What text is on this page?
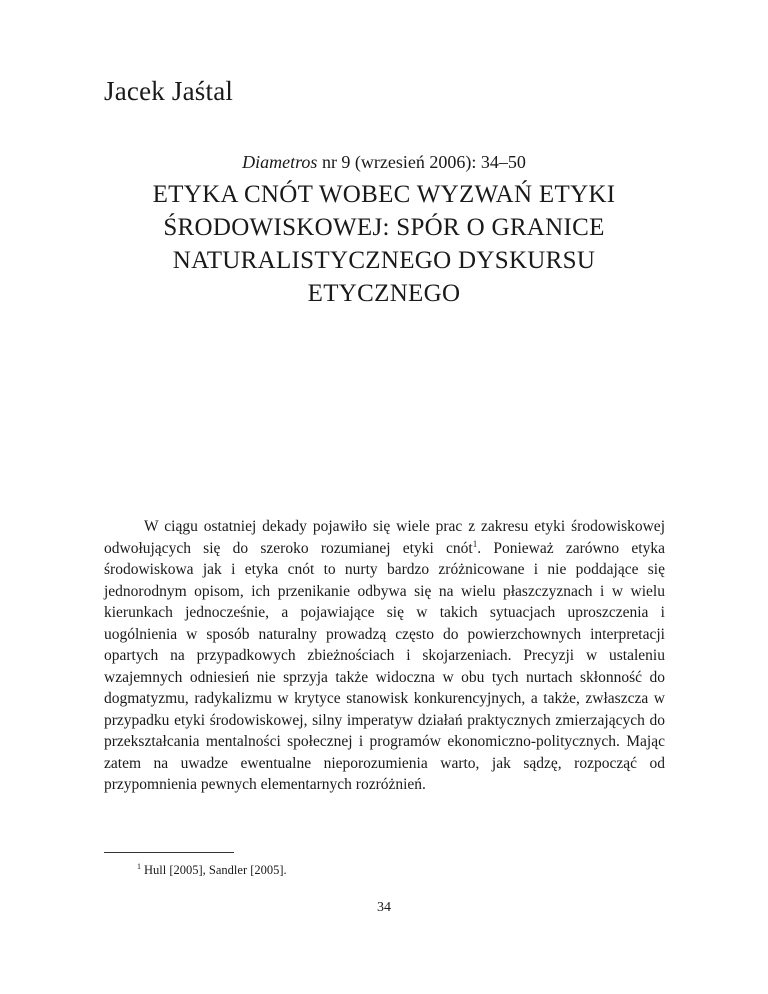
Jacek Jaśtal
Diametros nr 9 (wrzesień 2006): 34–50
ETYKA CNÓT WOBEC WYZWAŃ ETYKI ŚRODOWISKOWEJ: SPÓR O GRANICE NATURALISTYCZNEGO DYSKURSU ETYCZNEGO

W ciągu ostatniej dekady pojawiło się wiele prac z zakresu etyki środowiskowej odwołujących się do szeroko rozumianej etyki cnót$^1$. Ponieważ zarówno etyka środowiskowa jak i etyka cnót to nurty bardzo zróżnicowane i nie poddające się jednorodnym opisom, ich przenikanie odbywa się na wielu płaszczyznach i w wielu kierunkach jednocześnie, a pojawiające się w takich sytuacjach uproszczenia i uogólnienia w sposób naturalny prowadzą często do powierzchownych interpretacji opartych na przypadkowych zbieżnościach i skojarzeniach. Precyzji w ustaleniu wzajemnych odniesień nie sprzyja także widoczna w obu tych nurtach skłonność do dogmatyzmu, radykalizmu w krytyce stanowisk konkurencyjnych, a także, zwłaszcza w przypadku etyki środowiskowej, silny imperatyw działań praktycznych zmierzających do przekształcania mentalności społecznej i programów ekonomiczno-politycznych. Mając zatem na uwadze ewentualne nieporozumienia warto, jak sądzę, rozpocząć od przypomnienia pewnych elementarnych rozróżnień.

$^1$ Hull [2005], Sandler [2005].
34
